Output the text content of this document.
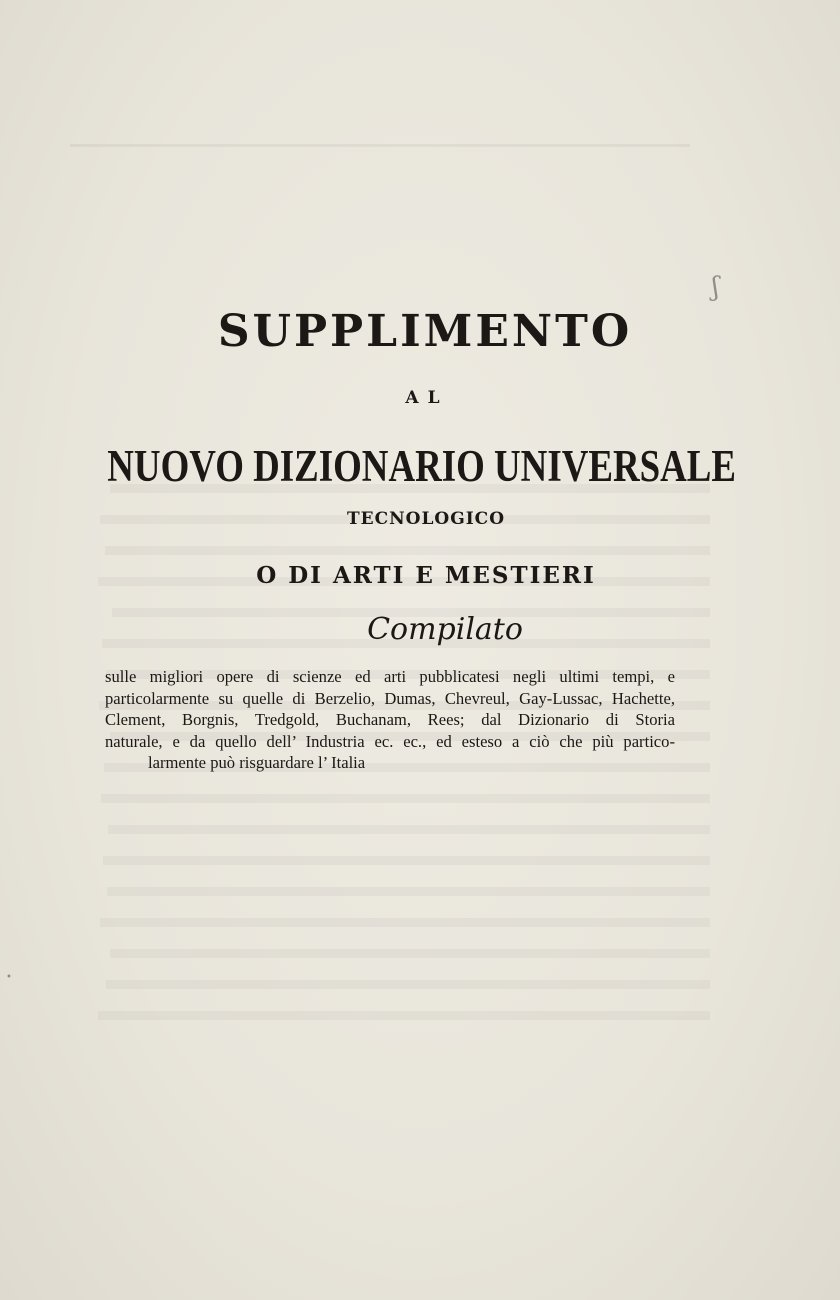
SUPPLIMENTO
AL
NUOVO DIZIONARIO UNIVERSALE
TECNOLOGICO
O DI ARTI E MESTIERI
Compilato
sulle migliori opere di scienze ed arti pubblicatesi negli ultimi tempi, e
particolarmente su quelle di Berzelio, Dumas, Chevreul, Gay-Lussac, Hachette,
Clement, Borgnis, Tredgold, Buchanam, Rees; dal Dizionario di Storia
naturale, e da quello dell’ Industria ec. ec., ed esteso a ciò che più partico-
larmente può risguardare l’ Italia
ʃ
•
